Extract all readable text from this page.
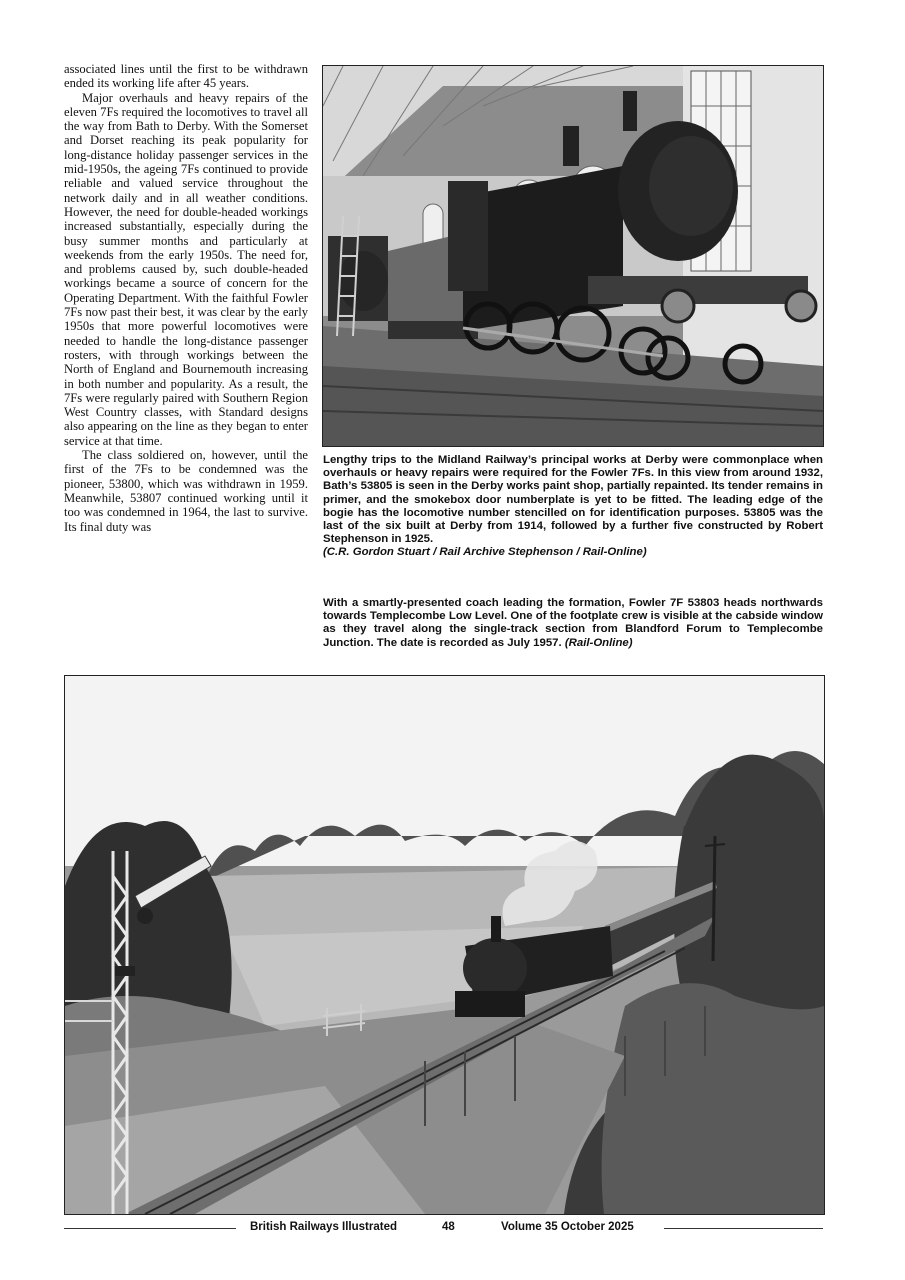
associated lines until the first to be withdrawn ended its working life after 45 years.

Major overhauls and heavy repairs of the eleven 7Fs required the locomotives to travel all the way from Bath to Derby. With the Somerset and Dorset reaching its peak popularity for long-distance holiday passenger services in the mid-1950s, the ageing 7Fs continued to provide reliable and valued service throughout the network daily and in all weather conditions. However, the need for double-headed workings increased substantially, especially during the busy summer months and particularly at weekends from the early 1950s. The need for, and problems caused by, such double-headed workings became a source of concern for the Operating Department. With the faithful Fowler 7Fs now past their best, it was clear by the early 1950s that more powerful locomotives were needed to handle the long-distance passenger rosters, with through workings between the North of England and Bournemouth increasing in both number and popularity. As a result, the 7Fs were regularly paired with Southern Region West Country classes, with Standard designs also appearing on the line as they began to enter service at that time.

The class soldiered on, however, until the first of the 7Fs to be condemned was the pioneer, 53800, which was withdrawn in 1959. Meanwhile, 53807 continued working until it too was condemned in 1964, the last to survive. Its final duty was

Lengthy trips to the Midland Railway’s principal works at Derby were commonplace when overhauls or heavy repairs were required for the Fowler 7Fs. In this view from around 1932, Bath’s 53805 is seen in the Derby works paint shop, partially repainted. Its tender remains in primer, and the smokebox door numberplate is yet to be fitted. The leading edge of the bogie has the locomotive number stencilled on for identification purposes. 53805 was the last of the six built at Derby from 1914, followed by a further five constructed by Robert Stephenson in 1925.
(C.R. Gordon Stuart / Rail Archive Stephenson / Rail-Online)
With a smartly-presented coach leading the formation, Fowler 7F 53803 heads northwards towards Templecombe Low Level. One of the footplate crew is visible at the cabside window as they travel along the single-track section from Blandford Forum to Templecombe Junction. The date is recorded as July 1957. (Rail-Online)
British Railways Illustrated	48	Volume 35 October 2025
